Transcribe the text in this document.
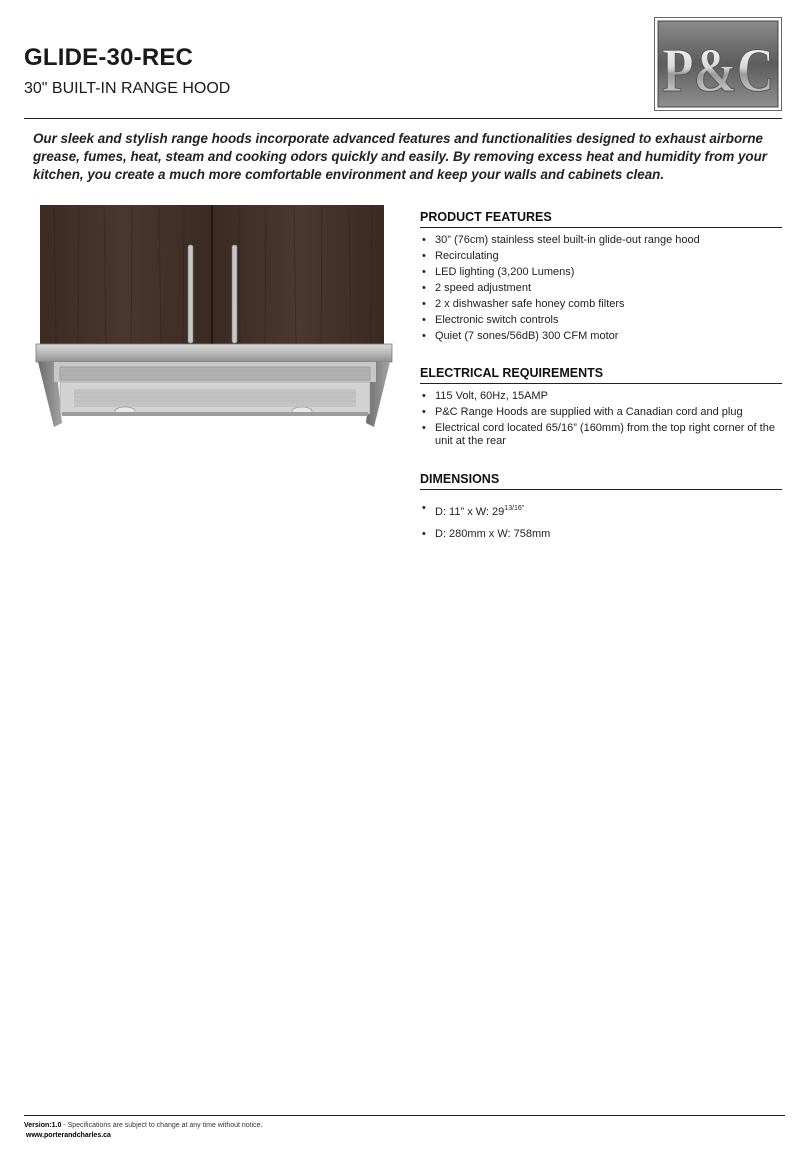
GLIDE-30-REC
30" BUILT-IN RANGE HOOD	P&C

Our sleek and stylish range hoods incorporate advanced features and functionalities designed to exhaust airborne grease, fumes, heat, steam and cooking odors quickly and easily. By removing excess heat and humidity from your kitchen, you create a much more comfortable environment and keep your walls and cabinets clean.

PRODUCT FEATURES
• 30” (76cm) stainless steel built-in glide-out range hood
• Recirculating
• LED lighting (3,200 Lumens)
• 2 speed adjustment
• 2 x dishwasher safe honey comb filters
• Electronic switch controls
• Quiet (7 sones/56dB) 300 CFM motor
ELECTRICAL REQUIREMENTS
• 115 Volt, 60Hz, 15AMP
• P&C Range Hoods are supplied with a Canadian cord and plug
• Electrical cord located 65/16” (160mm) from the top right corner of the unit at the rear
DIMENSIONS
• D: 11” x W: $29^{13/16”}$
• D: 280mm x W: 758mm
Version:1.0 - Specifications are subject to change at any time without notice.
www.porterandcharles.ca
